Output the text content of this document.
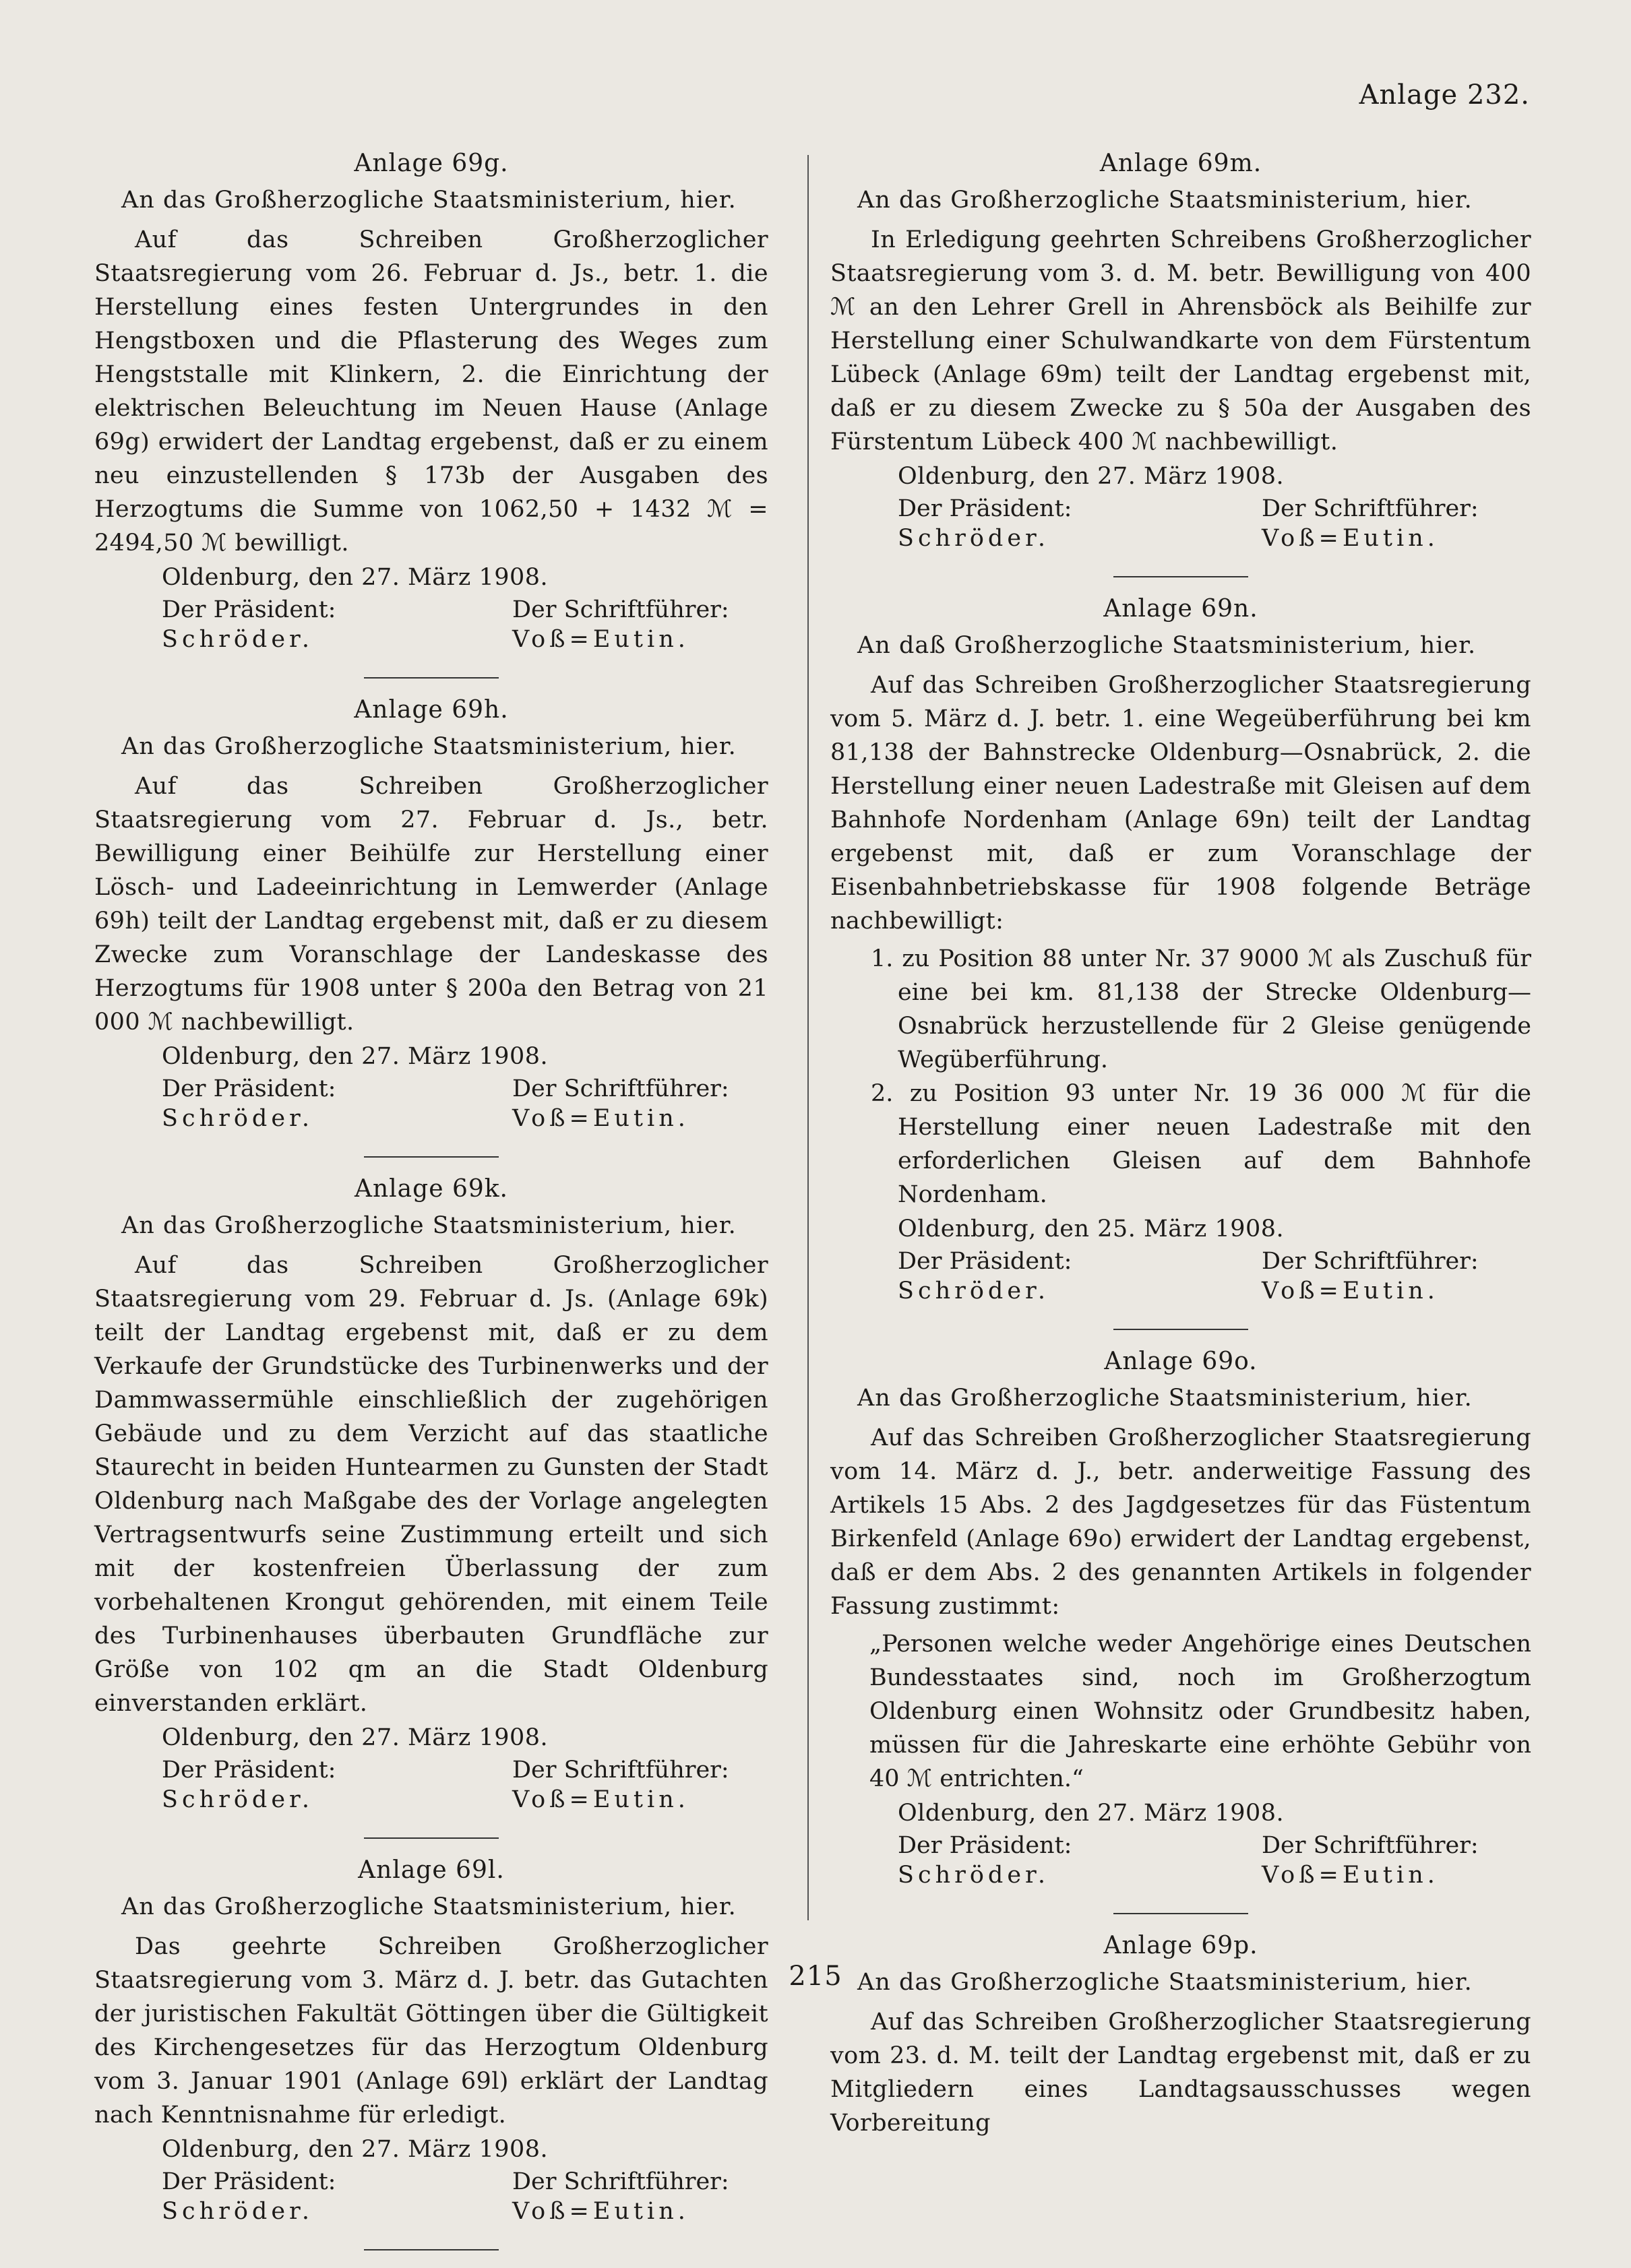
Anlage 232.
Anlage 69g.
An das Großherzogliche Staatsministerium, hier.

Auf das Schreiben Großherzoglicher Staatsregierung vom 26. Februar d. Js., betr. 1. die Herstellung eines festen Untergrundes in den Hengstboxen und die Pflasterung des Weges zum Hengststalle mit Klinkern, 2. die Einrichtung der elektrischen Beleuchtung im Neuen Hause (Anlage 69g) erwidert der Landtag ergebenst, daß er zu einem neu einzustellenden § 173b der Ausgaben des Herzogtums die Summe von 1062,50 + 1432 ℳ = 2494,50 ℳ bewilligt.

Oldenburg, den 27. März 1908.
Der Präsident:	Der Schriftführer:
Schröder.	Voß=Eutin.
Anlage 69h.
An das Großherzogliche Staatsministerium, hier.

Auf das Schreiben Großherzoglicher Staatsregierung vom 27. Februar d. Js., betr. Bewilligung einer Beihülfe zur Herstellung einer Lösch- und Ladeeinrichtung in Lemwerder (Anlage 69h) teilt der Landtag ergebenst mit, daß er zu diesem Zwecke zum Voranschlage der Landeskasse des Herzogtums für 1908 unter § 200a den Betrag von 21 000 ℳ nachbewilligt.

Oldenburg, den 27. März 1908.
Der Präsident:	Der Schriftführer:
Schröder.	Voß=Eutin.
Anlage 69k.
An das Großherzogliche Staatsministerium, hier.

Auf das Schreiben Großherzoglicher Staatsregierung vom 29. Februar d. Js. (Anlage 69k) teilt der Landtag ergebenst mit, daß er zu dem Verkaufe der Grundstücke des Turbinenwerks und der Dammwassermühle einschließlich der zugehörigen Gebäude und zu dem Verzicht auf das staatliche Staurecht in beiden Huntearmen zu Gunsten der Stadt Oldenburg nach Maßgabe des der Vorlage angelegten Vertragsentwurfs seine Zustimmung erteilt und sich mit der kostenfreien Überlassung der zum vorbehaltenen Krongut gehörenden, mit einem Teile des Turbinenhauses überbauten Grundfläche zur Größe von 102 qm an die Stadt Oldenburg einverstanden erklärt.

Oldenburg, den 27. März 1908.
Der Präsident:	Der Schriftführer:
Schröder.	Voß=Eutin.
Anlage 69l.
An das Großherzogliche Staatsministerium, hier.

Das geehrte Schreiben Großherzoglicher Staatsregierung vom 3. März d. J. betr. das Gutachten der juristischen Fakultät Göttingen über die Gültigkeit des Kirchengesetzes für das Herzogtum Oldenburg vom 3. Januar 1901 (Anlage 69l) erklärt der Landtag nach Kenntnisnahme für erledigt.

Oldenburg, den 27. März 1908.
Der Präsident:	Der Schriftführer:
Schröder.	Voß=Eutin.
Anlage 69m.
An das Großherzogliche Staatsministerium, hier.

In Erledigung geehrten Schreibens Großherzoglicher Staatsregierung vom 3. d. M. betr. Bewilligung von 400 ℳ an den Lehrer Grell in Ahrensböck als Beihilfe zur Herstellung einer Schulwandkarte von dem Fürstentum Lübeck (Anlage 69m) teilt der Landtag ergebenst mit, daß er zu diesem Zwecke zu § 50a der Ausgaben des Fürstentum Lübeck 400 ℳ nachbewilligt.

Oldenburg, den 27. März 1908.
Der Präsident:	Der Schriftführer:
Schröder.	Voß=Eutin.
Anlage 69n.
An daß Großherzogliche Staatsministerium, hier.

Auf das Schreiben Großherzoglicher Staatsregierung vom 5. März d. J. betr. 1. eine Wegeüberführung bei km 81,138 der Bahnstrecke Oldenburg—Osnabrück, 2. die Herstellung einer neuen Ladestraße mit Gleisen auf dem Bahnhofe Nordenham (Anlage 69n) teilt der Landtag ergebenst mit, daß er zum Voranschlage der Eisenbahnbetriebskasse für 1908 folgende Beträge nachbewilligt:

1. zu Position 88 unter Nr. 37 9000 ℳ als Zuschuß für eine bei km. 81,138 der Strecke Oldenburg—Osnabrück herzustellende für 2 Gleise genügende Wegüberführung.
2. zu Position 93 unter Nr. 19 36 000 ℳ für die Herstellung einer neuen Ladestraße mit den erforderlichen Gleisen auf dem Bahnhofe Nordenham.
Oldenburg, den 25. März 1908.
Der Präsident:	Der Schriftführer:
Schröder.	Voß=Eutin.
Anlage 69o.
An das Großherzogliche Staatsministerium, hier.

Auf das Schreiben Großherzoglicher Staatsregierung vom 14. März d. J., betr. anderweitige Fassung des Artikels 15 Abs. 2 des Jagdgesetzes für das Füstentum Birkenfeld (Anlage 69o) erwidert der Landtag ergebenst, daß er dem Abs. 2 des genannten Artikels in folgender Fassung zustimmt:

„Personen welche weder Angehörige eines Deutschen Bundesstaates sind, noch im Großherzogtum Oldenburg einen Wohnsitz oder Grundbesitz haben, müssen für die Jahreskarte eine erhöhte Gebühr von 40 ℳ entrichten.“

Oldenburg, den 27. März 1908.
Der Präsident:	Der Schriftführer:
Schröder.	Voß=Eutin.
Anlage 69p.
An das Großherzogliche Staatsministerium, hier.

Auf das Schreiben Großherzoglicher Staatsregierung vom 23. d. M. teilt der Landtag ergebenst mit, daß er zu Mitgliedern eines Landtagsausschusses wegen Vorbereitung

215
